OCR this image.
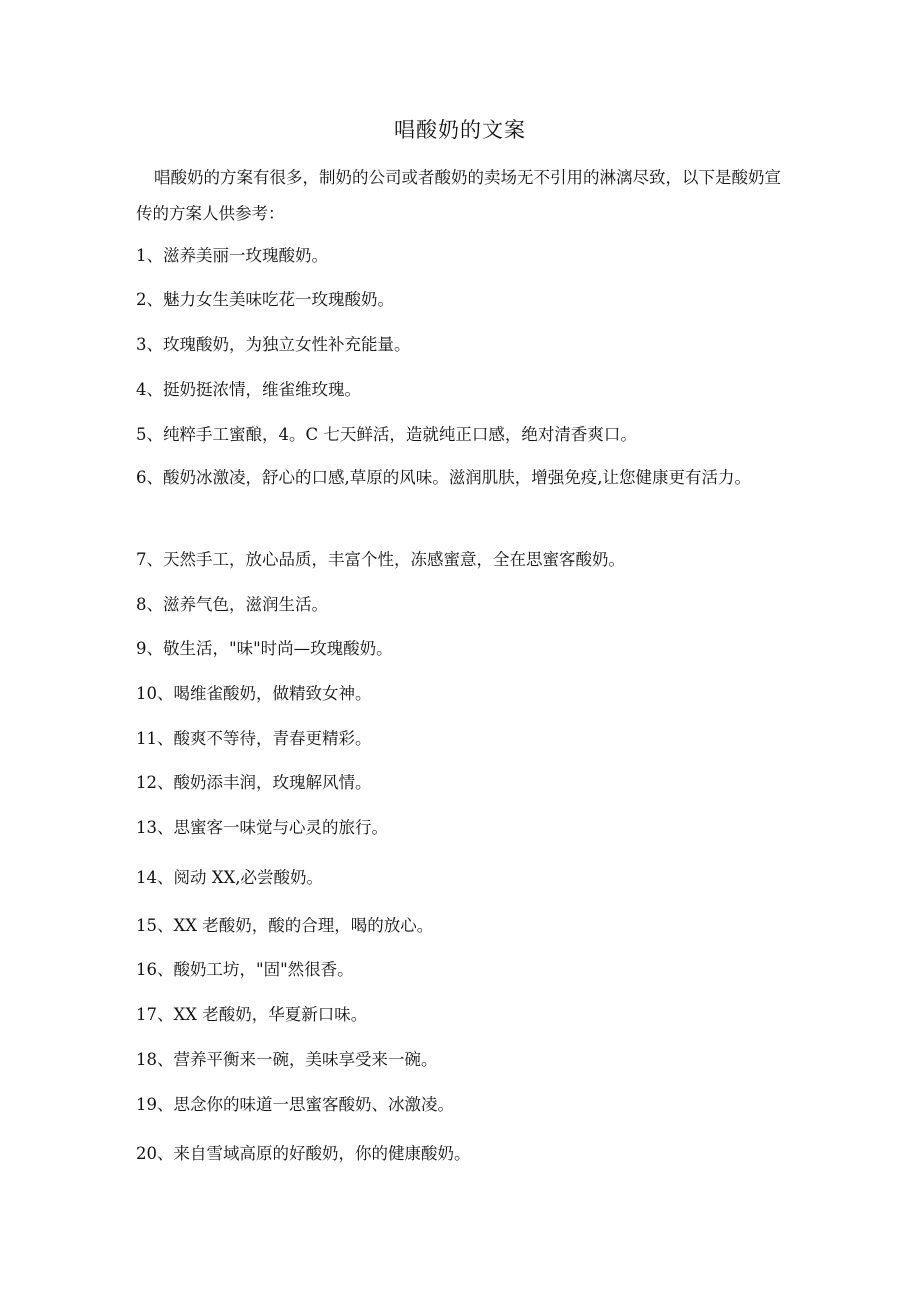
唱酸奶的文案

唱酸奶的方案有很多，制奶的公司或者酸奶的卖场无不引用的淋漓尽致，以下是酸奶宣传的方案人供参考：

1、滋养美丽一玫瑰酸奶。
2、魅力女生美味吃花一玫瑰酸奶。
3、玫瑰酸奶，为独立女性补充能量。
4、挺奶挺浓情，维雀维玫瑰。
5、纯粹手工蜜酿，4。C 七天鲜活，造就纯正口感，绝对清香爽口。
6、酸奶冰激凌，舒心的口感,草原的风味。滋润肌肤，增强免疫,让您健康更有活力。
7、天然手工，放心品质，丰富个性，冻感蜜意，全在思蜜客酸奶。
8、滋养气色，滋润生活。
9、敬生活，"味"时尚—玫瑰酸奶。
10、喝维雀酸奶，做精致女神。
11、酸爽不等待，青春更精彩。
12、酸奶添丰润，玫瑰解风情。
13、思蜜客一味觉与心灵的旅行。
14、阅动 XX,必尝酸奶。
15、XX 老酸奶，酸的合理，喝的放心。
16、酸奶工坊，"固"然很香。
17、XX 老酸奶，华夏新口味。
18、营养平衡来一碗，美味享受来一碗。
19、思念你的味道一思蜜客酸奶、冰激凌。
20、来自雪域高原的好酸奶，你的健康酸奶。
